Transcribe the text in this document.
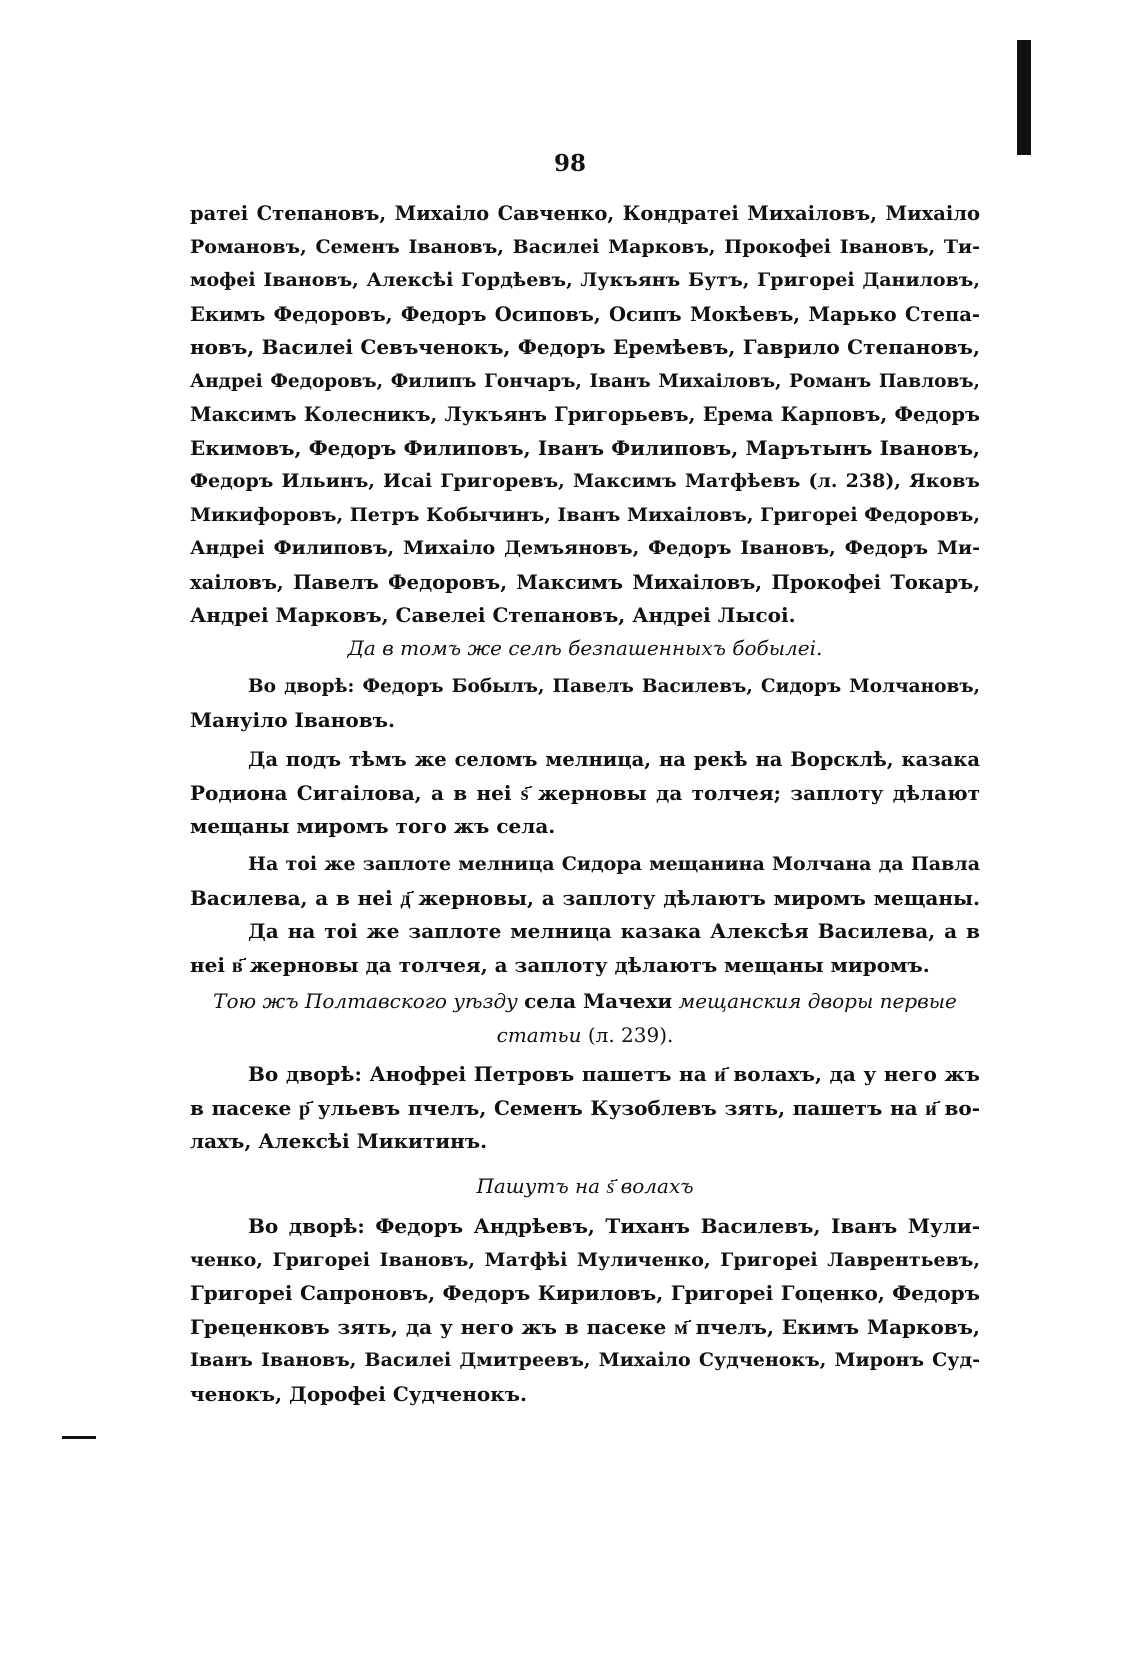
98
ратеі Степановъ, Михаіло Савченко, Кондратеі Михаіловъ, Михаіло
Романовъ, Семенъ Івановъ, Василеі Марковъ, Прокофеі Івановъ, Ти-
мофеі Івановъ, Алексѣі Гордѣевъ, Лукъянъ Бутъ, Григореі Даниловъ,
Екимъ Федоровъ, Федоръ Осиповъ, Осипъ Мокѣевъ, Марько Степа-
новъ, Василеі Севъченокъ, Федоръ Еремѣевъ, Гаврило Степановъ,
Андреі Федоровъ, Филипъ Гончаръ, Іванъ Михаіловъ, Романъ Павловъ,
Максимъ Колесникъ, Лукъянъ Григорьевъ, Ерема Карповъ, Федоръ
Екимовъ, Федоръ Филиповъ, Іванъ Филиповъ, Марътынъ Івановъ,
Федоръ Ильинъ, Исаі Григоревъ, Максимъ Матфѣевъ (л. 238), Яковъ
Микифоровъ, Петръ Кобычинъ, Іванъ Михаіловъ, Григореі Федоровъ,
Андреі Филиповъ, Михаіло Демъяновъ, Федоръ Івановъ, Федоръ Ми-
хаіловъ, Павелъ Федоровъ, Максимъ Михаіловъ, Прокофеі Токаръ,
Андреі Марковъ, Савелеі Степановъ, Андреі Лысоі.
Да в томъ же селѣ безпашенныхъ бобылеі.
Во дворѣ: Федоръ Бобылъ, Павелъ Василевъ, Сидоръ Молчановъ,
Мануіло Івановъ.
Да подъ тѣмъ же селомъ мелница, на рекѣ на Ворсклѣ, казака
Родиона Сигаілова, а в неі ѕ҃ жерновы да толчея; заплоту дѣлают
мещаны миромъ того жъ села.
На тоі же заплоте мелница Сидора мещанина Молчана да Павла
Василева, а в неі д҃ жерновы, а заплоту дѣлаютъ миромъ мещаны.
Да на тоі же заплоте мелница казака Алексѣя Василева, а в
неі в҃ жерновы да толчея, а заплоту дѣлаютъ мещаны миромъ.
Тою жъ Полтавского уѣзду села Мачехи мещанския дворы первые
статьи (л. 239).
Во дворѣ: Анофреі Петровъ пашетъ на и҃ волахъ, да у него жъ
в пасеке р҃ ульевъ пчелъ, Семенъ Кузоблевъ зять, пашетъ на и҃ во-
лахъ, Алексѣі Микитинъ.
Пашутъ на ѕ҃ волахъ
Во дворѣ: Федоръ Андрѣевъ, Тиханъ Василевъ, Іванъ Мули-
ченко, Григореі Івановъ, Матфѣі Муличенко, Григореі Лаврентьевъ,
Григореі Сапроновъ, Федоръ Кириловъ, Григореі Гоценко, Федоръ
Греценковъ зять, да у него жъ в пасеке м҃ пчелъ, Екимъ Марковъ,
Іванъ Івановъ, Василеі Дмитреевъ, Михаіло Судченокъ, Миронъ Суд-
ченокъ, Дорофеі Судченокъ.
